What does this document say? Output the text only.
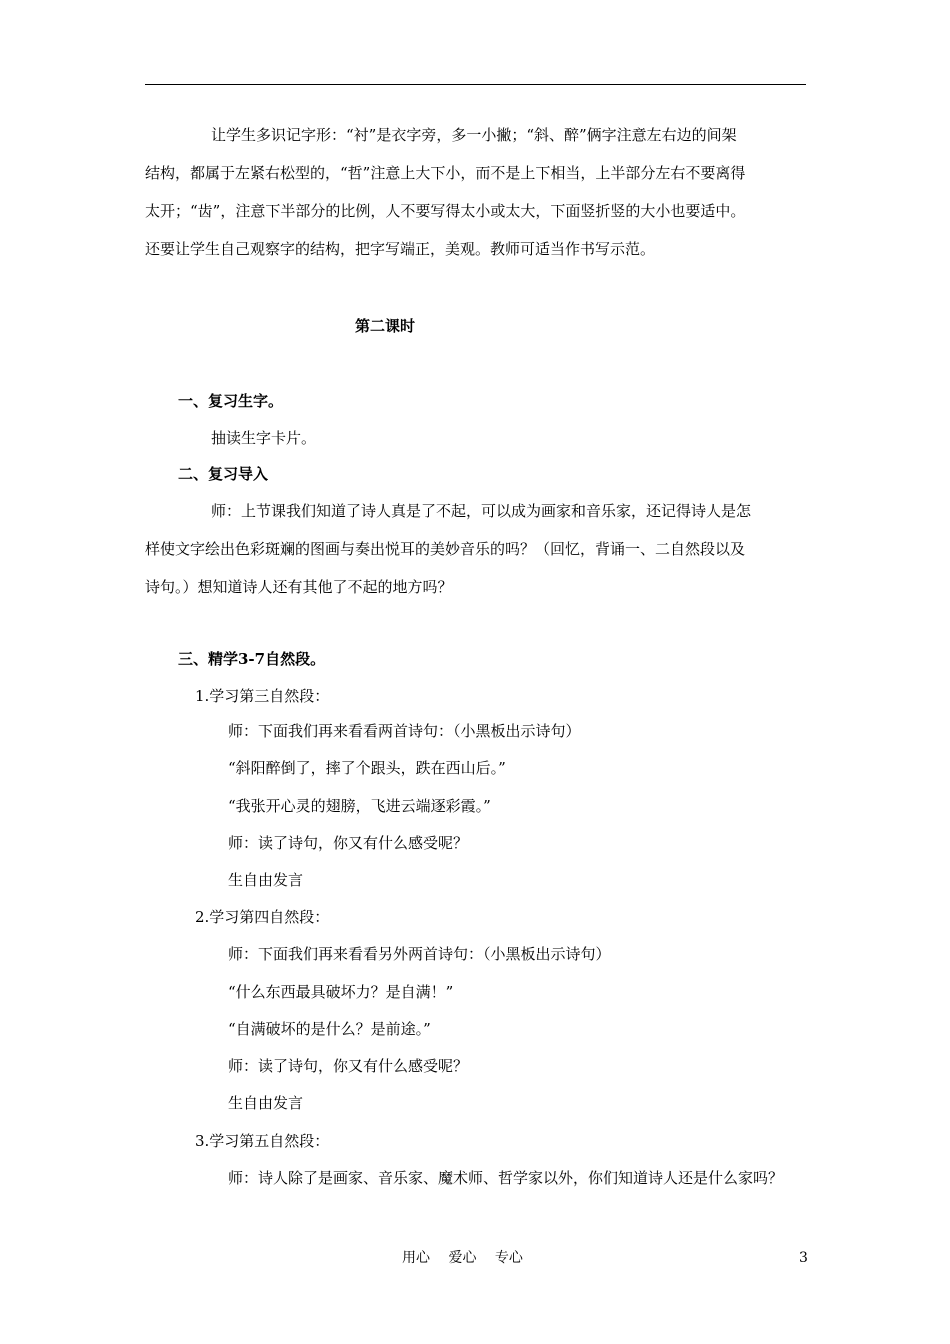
让学生多识记字形：“衬”是衣字旁，多一小撇；“斜、醉”俩字注意左右边的间架
结构，都属于左紧右松型的，“哲”注意上大下小，而不是上下相当，上半部分左右不要离得
太开；“齿”，注意下半部分的比例，人不要写得太小或太大，下面竖折竖的大小也要适中。
还要让学生自己观察字的结构，把字写端正，美观。教师可适当作书写示范。
第二课时
一、复习生字。
抽读生字卡片。
二、复习导入
师：上节课我们知道了诗人真是了不起，可以成为画家和音乐家，还记得诗人是怎
样使文字绘出色彩斑斓的图画与奏出悦耳的美妙音乐的吗？（回忆，背诵一、二自然段以及
诗句。）想知道诗人还有其他了不起的地方吗？
三、精学3-7自然段。
1.学习第三自然段：
师：下面我们再来看看两首诗句：（小黑板出示诗句）
“斜阳醉倒了，摔了个跟头，跌在西山后。”
“我张开心灵的翅膀，飞进云端逐彩霞。”
师：读了诗句，你又有什么感受呢？
生自由发言
2.学习第四自然段：
师：下面我们再来看看另外两首诗句：（小黑板出示诗句）
“什么东西最具破坏力？是自满！”
“自满破坏的是什么？是前途。”
师：读了诗句，你又有什么感受呢？
生自由发言
3.学习第五自然段：
师：诗人除了是画家、音乐家、魔术师、哲学家以外，你们知道诗人还是什么家吗？
用心　 爱心　 专心	3
